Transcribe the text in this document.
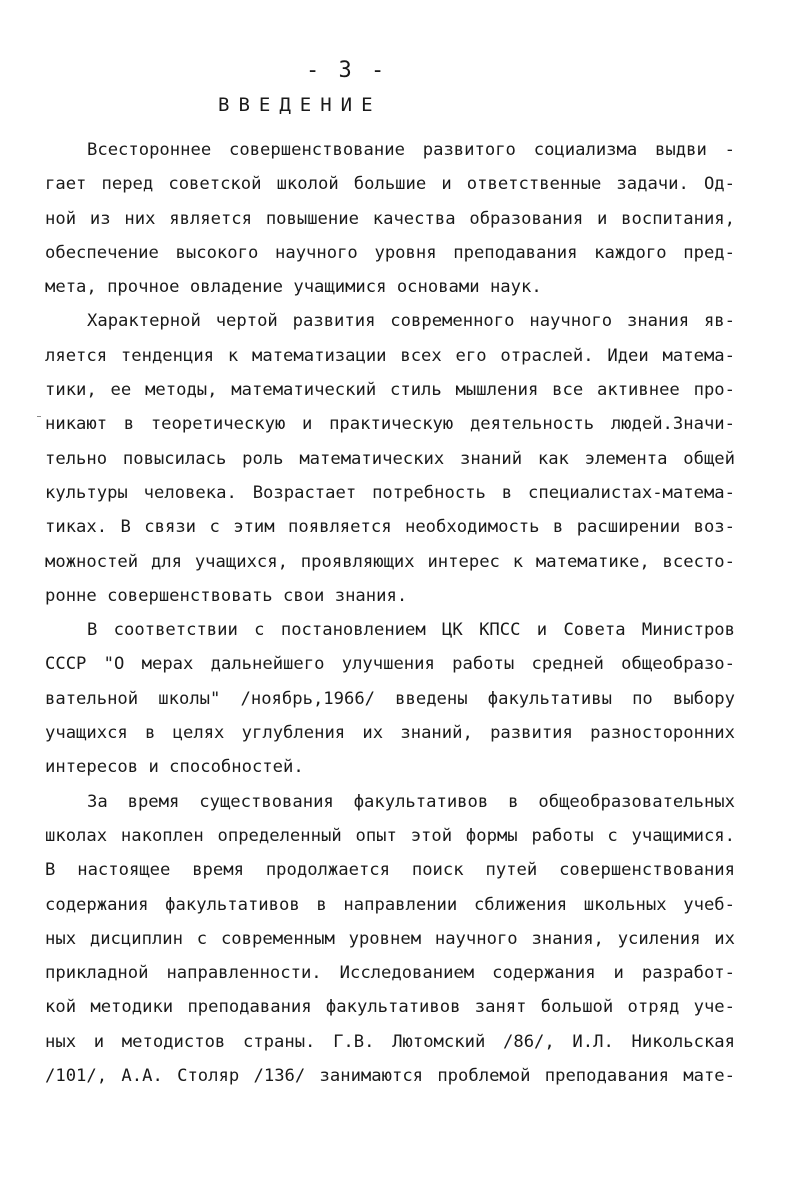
- 3 -
ВВЕДЕНИЕ
Всестороннее совершенствование развитого социализма выдви -
гает перед советской школой большие и ответственные задачи. Од-
ной из них является повышение качества образования и воспитания,
обеспечение высокого научного уровня преподавания каждого пред-
мета, прочное овладение учащимися основами наук.
Характерной чертой развития современного научного знания яв-
ляется тенденция к математизации всех его отраслей. Идеи матема-
тики, ее методы, математический стиль мышления все активнее про-
никают в теоретическую и практическую деятельность людей.Значи-
тельно повысилась роль математических знаний как элемента общей
культуры человека. Возрастает потребность в специалистах-матема-
тиках. В связи с этим появляется необходимость в расширении воз-
можностей для учащихся, проявляющих интерес к математике, всесто-
ронне совершенствовать свои знания.
В соответствии с постановлением ЦК КПСС и Совета Министров
СССР "О мерах дальнейшего улучшения работы средней общеобразо-
вательной школы" /ноябрь,1966/ введены факультативы по выбору
учащихся в целях углубления их знаний, развития разносторонних
интересов и способностей.
За время существования факультативов в общеобразовательных
школах накоплен определенный опыт этой формы работы с учащимися.
В настоящее время продолжается поиск путей совершенствования
содержания факультативов в направлении сближения школьных учеб-
ных дисциплин с современным уровнем научного знания, усиления их
прикладной направленности. Исследованием содержания и разработ-
кой методики преподавания факультативов занят большой отряд уче-
ных и методистов страны. Г.В. Лютомский /86/, И.Л. Никольская
/101/, А.А. Столяр /136/ занимаются проблемой преподавания мате-
